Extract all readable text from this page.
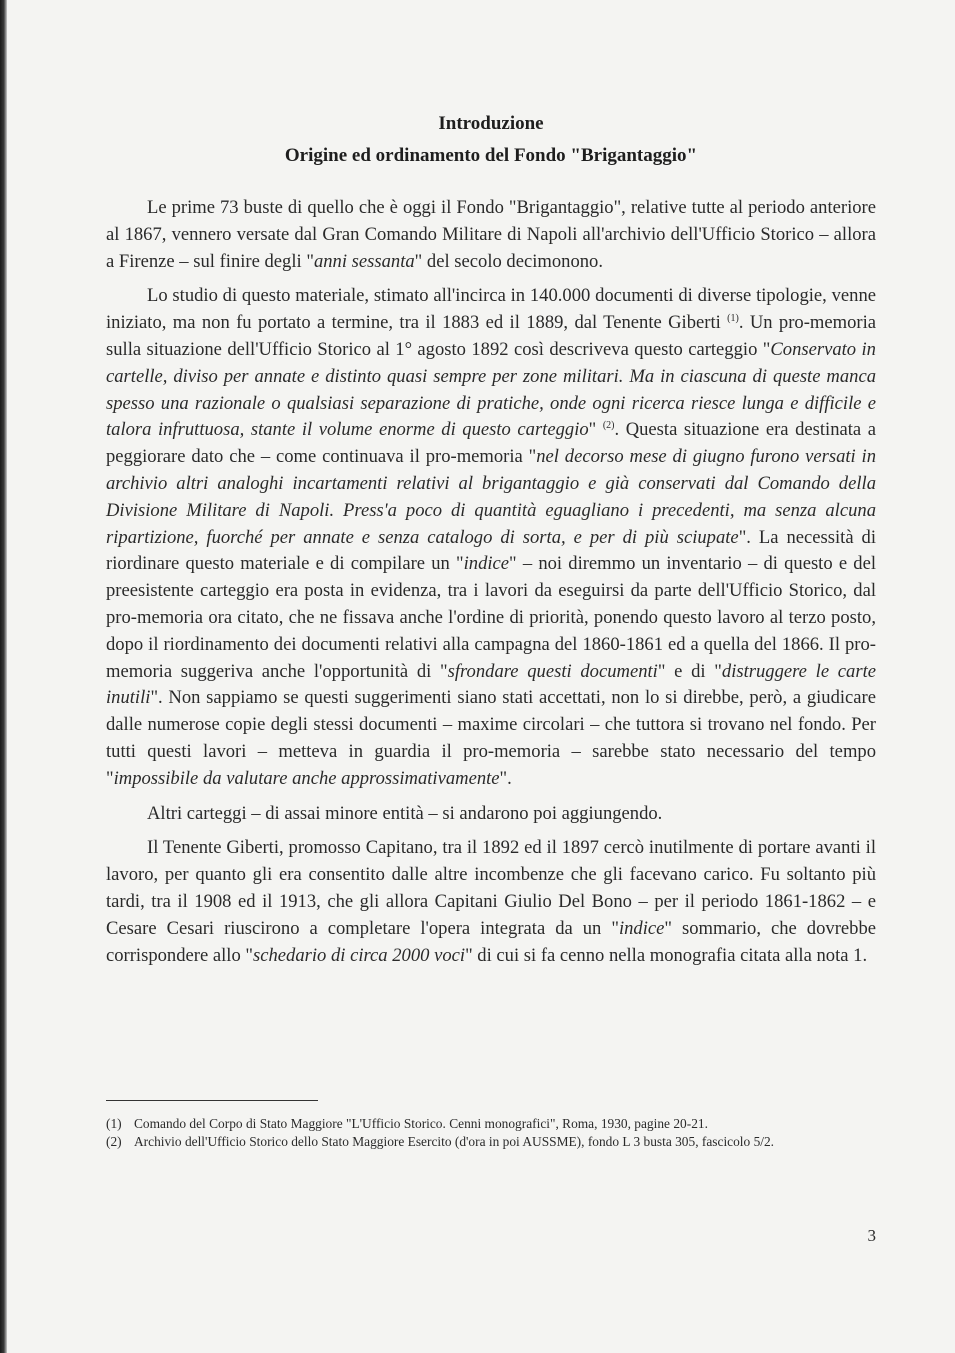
Introduzione
Origine ed ordinamento del Fondo "Brigantaggio"

Le prime 73 buste di quello che è oggi il Fondo "Brigantaggio", relative tutte al periodo anteriore al 1867, vennero versate dal Gran Comando Militare di Napoli all'archivio dell'Ufficio Storico – allora a Firenze – sul finire degli "anni sessanta" del secolo decimonono.

Lo studio di questo materiale, stimato all'incirca in 140.000 documenti di diverse tipologie, venne iniziato, ma non fu portato a termine, tra il 1883 ed il 1889, dal Tenente Giberti $^{(1)}$. Un pro-memoria sulla situazione dell'Ufficio Storico al 1° agosto 1892 così descriveva questo carteggio "Conservato in cartelle, diviso per annate e distinto quasi sempre per zone militari. Ma in ciascuna di queste manca spesso una razionale o qualsiasi separazione di pratiche, onde ogni ricerca riesce lunga e difficile e talora infruttuosa, stante il volume enorme di questo carteggio" $^{(2)}$. Questa situazione era destinata a peggiorare dato che – come continuava il pro-memoria "nel decorso mese di giugno furono versati in archivio altri analoghi incartamenti relativi al brigantaggio e già conservati dal Comando della Divisione Militare di Napoli. Press'a poco di quantità eguagliano i precedenti, ma senza alcuna ripartizione, fuorché per annate e senza catalogo di sorta, e per di più sciupate". La necessità di riordinare questo materiale e di compilare un "indice" – noi diremmo un inventario – di questo e del preesistente carteggio era posta in evidenza, tra i lavori da eseguirsi da parte dell'Ufficio Storico, dal pro-memoria ora citato, che ne fissava anche l'ordine di priorità, ponendo questo lavoro al terzo posto, dopo il riordinamento dei documenti relativi alla campagna del 1860-1861 ed a quella del 1866. Il pro-memoria suggeriva anche l'opportunità di "sfrondare questi documenti" e di "distruggere le carte inutili". Non sappiamo se questi suggerimenti siano stati accettati, non lo si direbbe, però, a giudicare dalle numerose copie degli stessi documenti – maxime circolari – che tuttora si trovano nel fondo. Per tutti questi lavori – metteva in guardia il pro-memoria – sarebbe stato necessario del tempo "impossibile da valutare anche approssimativamente".

Altri carteggi – di assai minore entità – si andarono poi aggiungendo.

Il Tenente Giberti, promosso Capitano, tra il 1892 ed il 1897 cercò inutilmente di portare avanti il lavoro, per quanto gli era consentito dalle altre incombenze che gli facevano carico. Fu soltanto più tardi, tra il 1908 ed il 1913, che gli allora Capitani Giulio Del Bono – per il periodo 1861-1862 – e Cesare Cesari riuscirono a completare l'opera integrata da un "indice" sommario, che dovrebbe corrispondere allo "schedario di circa 2000 voci" di cui si fa cenno nella monografia citata alla nota 1.

(1) Comando del Corpo di Stato Maggiore "L'Ufficio Storico. Cenni monografici", Roma, 1930, pagine 20-21.
(2) Archivio dell'Ufficio Storico dello Stato Maggiore Esercito (d'ora in poi AUSSME), fondo L 3 busta 305, fascicolo 5/2.
3
